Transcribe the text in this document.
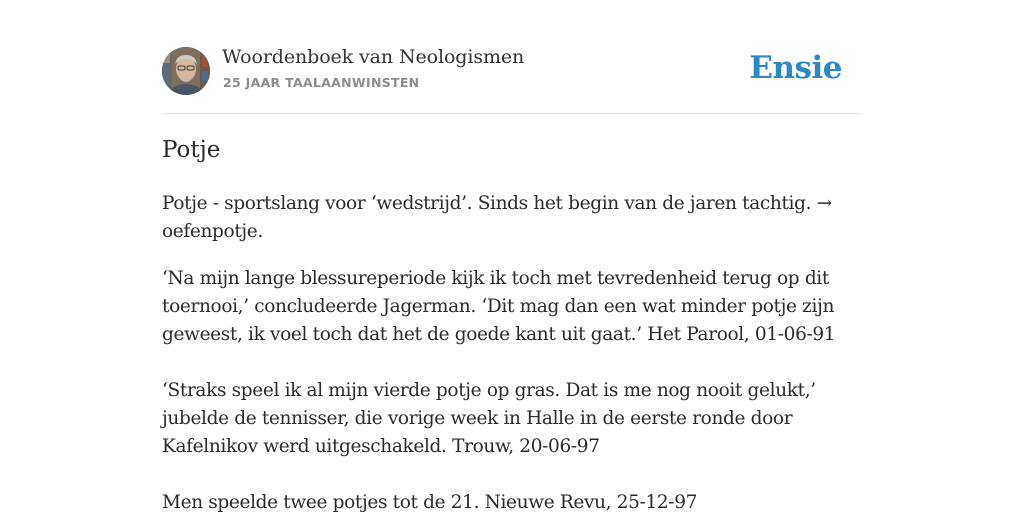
Woordenboek van Neologismen
25 JAAR TAALAANWINSTEN	Ensie
Potje

Potje - sportslang voor ‘wedstrijd’. Sinds het begin van de jaren tachtig. → oefenpotje.

‘Na mijn lange blessureperiode kijk ik toch met tevredenheid terug op dit toernooi,’ concludeerde Jagerman. ‘Dit mag dan een wat minder potje zijn geweest, ik voel toch dat het de goede kant uit gaat.’ Het Parool, 01-06-91

‘Straks speel ik al mijn vierde potje op gras. Dat is me nog nooit gelukt,’ jubelde de tennisser, die vorige week in Halle in de eerste ronde door Kafelnikov werd uitgeschakeld. Trouw, 20-06-97

Men speelde twee potjes tot de 21. Nieuwe Revu, 25-12-97
